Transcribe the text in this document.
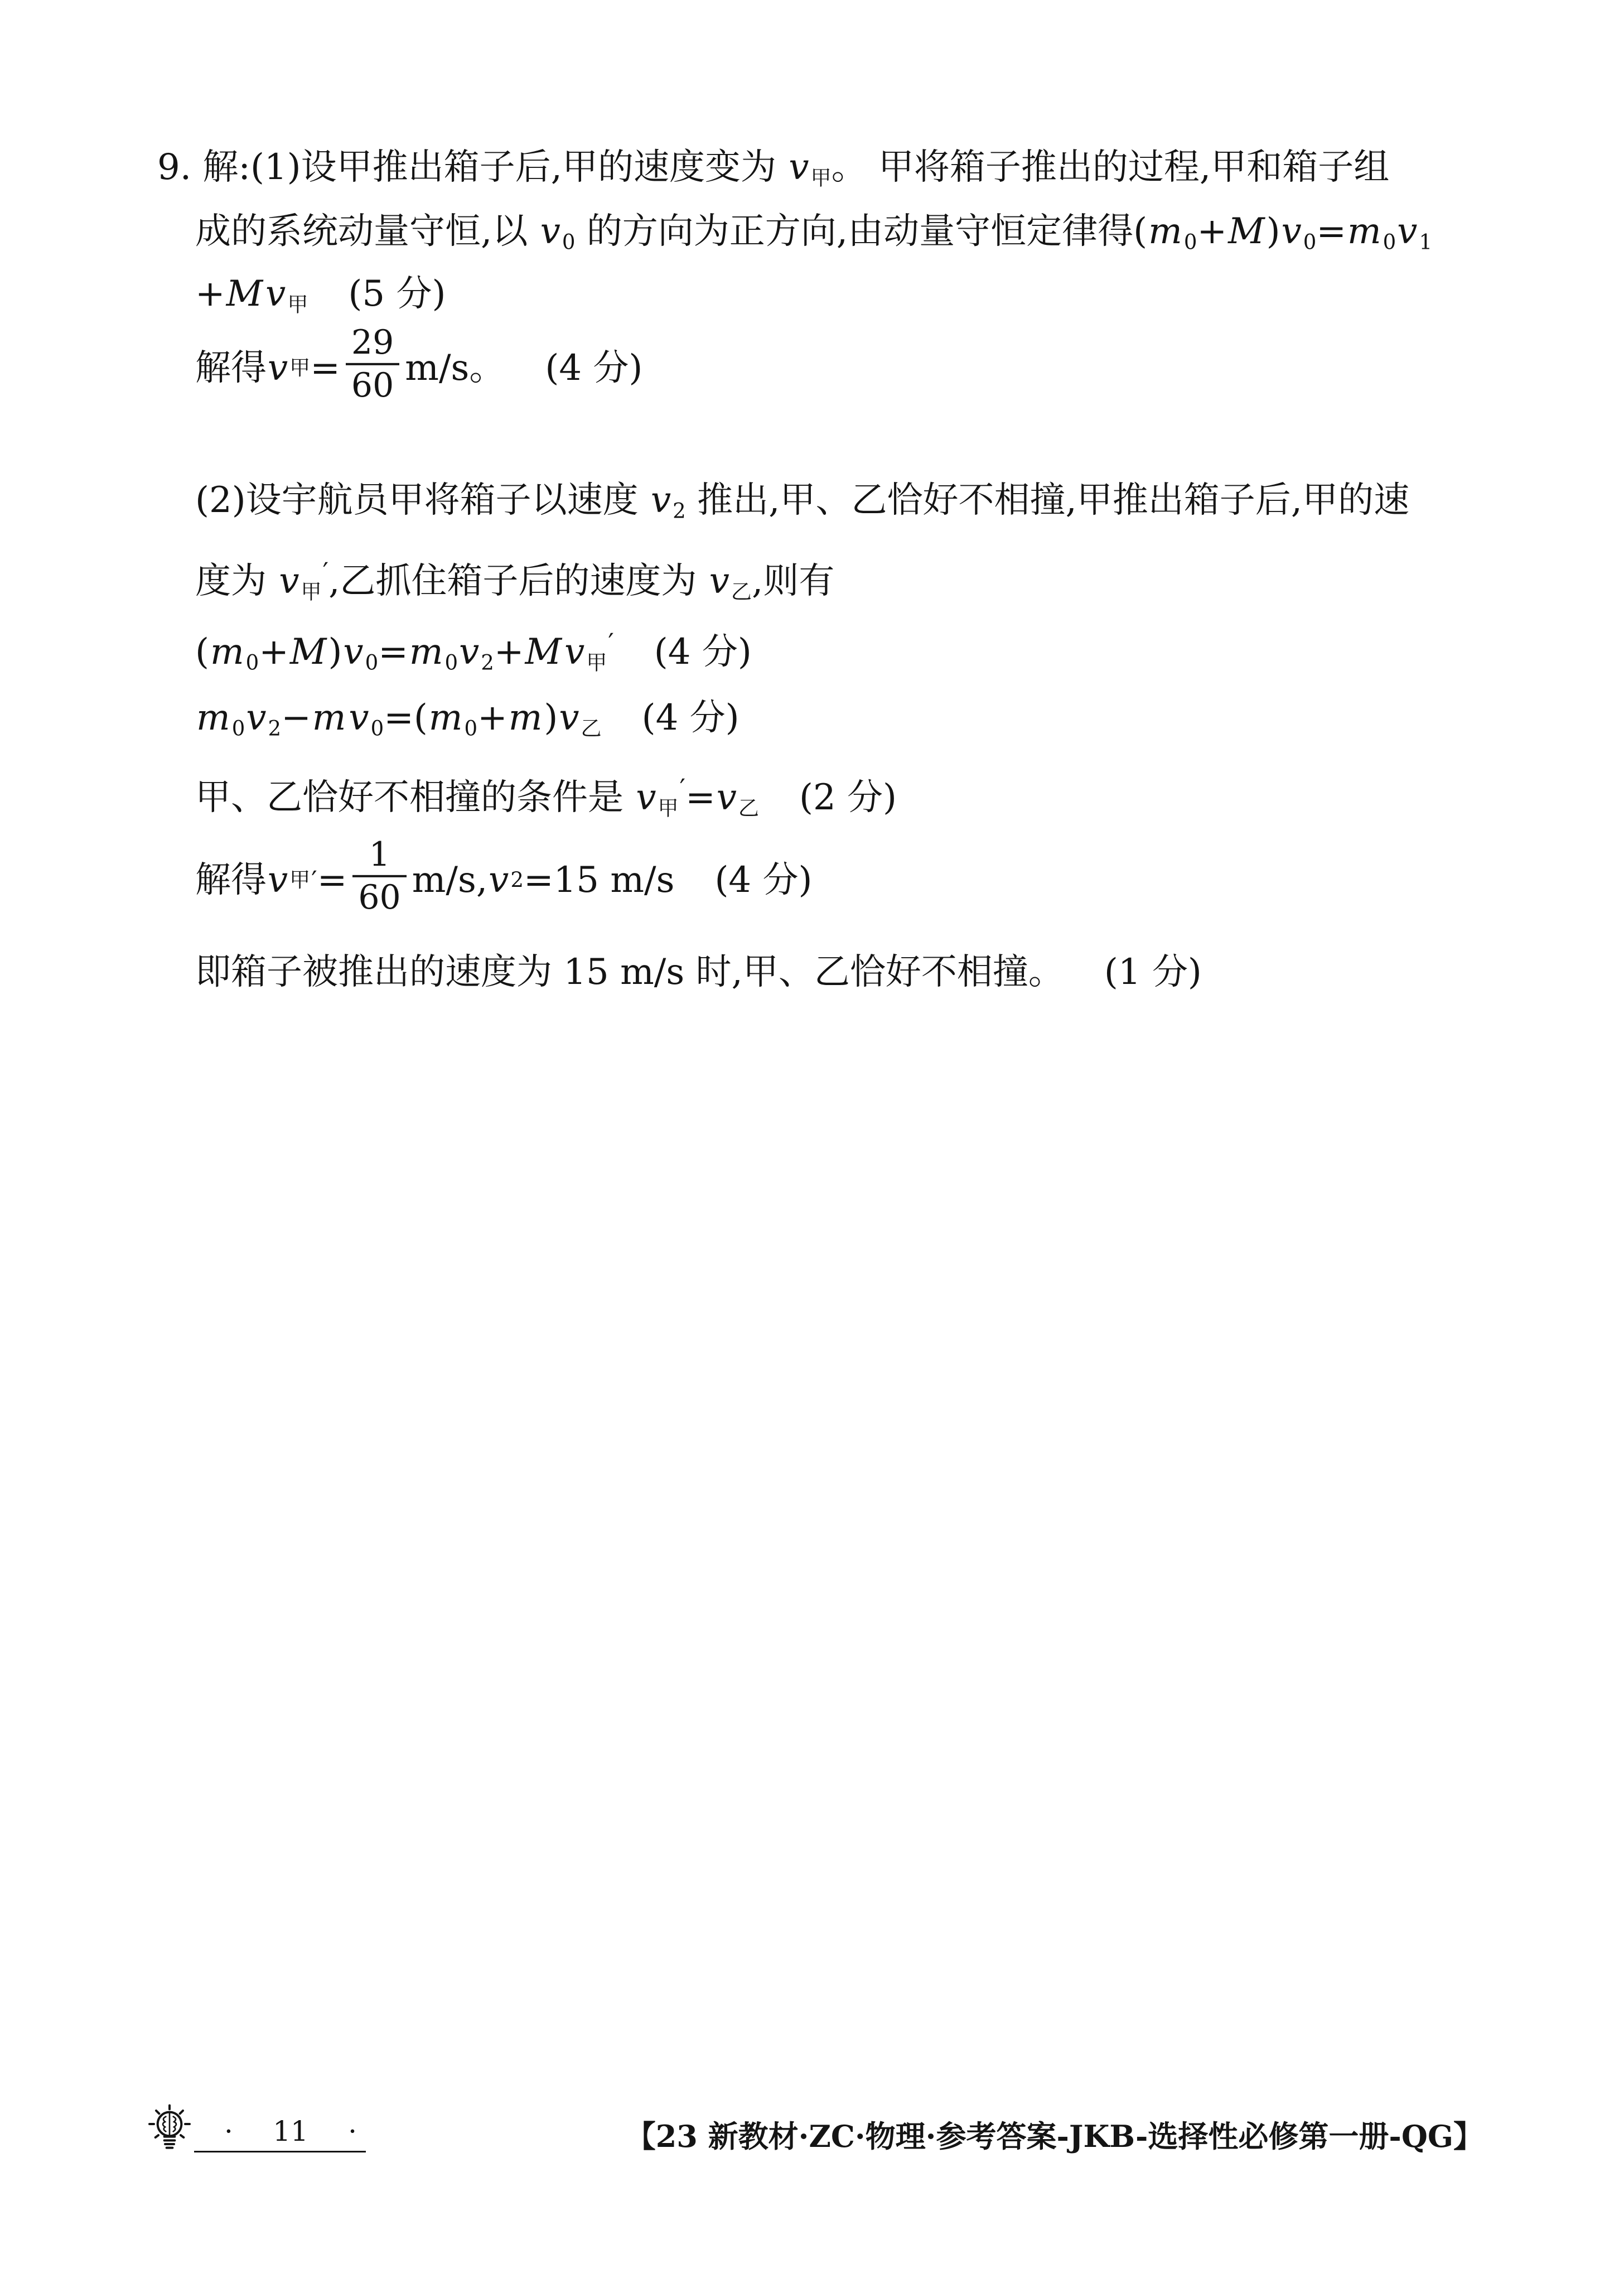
9. 解:(1)设甲推出箱子后,甲的速度变为 v甲。 甲将箱子推出的过程,甲和箱子组
成的系统动量守恒,以 v0 的方向为正方向,由动量守恒定律得(m0+M)v0=m0v1
+Mv甲 (5 分)
解得 v 甲 = $\frac{29}{60} m/s$。 (4 分)
(2)设宇航员甲将箱子以速度 v2 推出,甲、乙恰好不相撞,甲推出箱子后,甲的速
度为 v甲′,乙抓住箱子后的速度为 v乙,则有
(m0+M)v0=m0v2+Mv甲′ (4 分)
m0v2−mv0=(m0+m)v乙 (4 分)
甲、乙恰好不相撞的条件是 v甲′=v乙 (2 分)
解得 v 甲 ′ = $\frac{1}{60} m/s$, v 2 =15 m/s (4 分)
即箱子被推出的速度为 15 m/s 时,甲、乙恰好不相撞。 (1 分)
· 11 ·	【23 新教材·ZC·物理·参考答案-JKB-选择性必修第一册-QG】
